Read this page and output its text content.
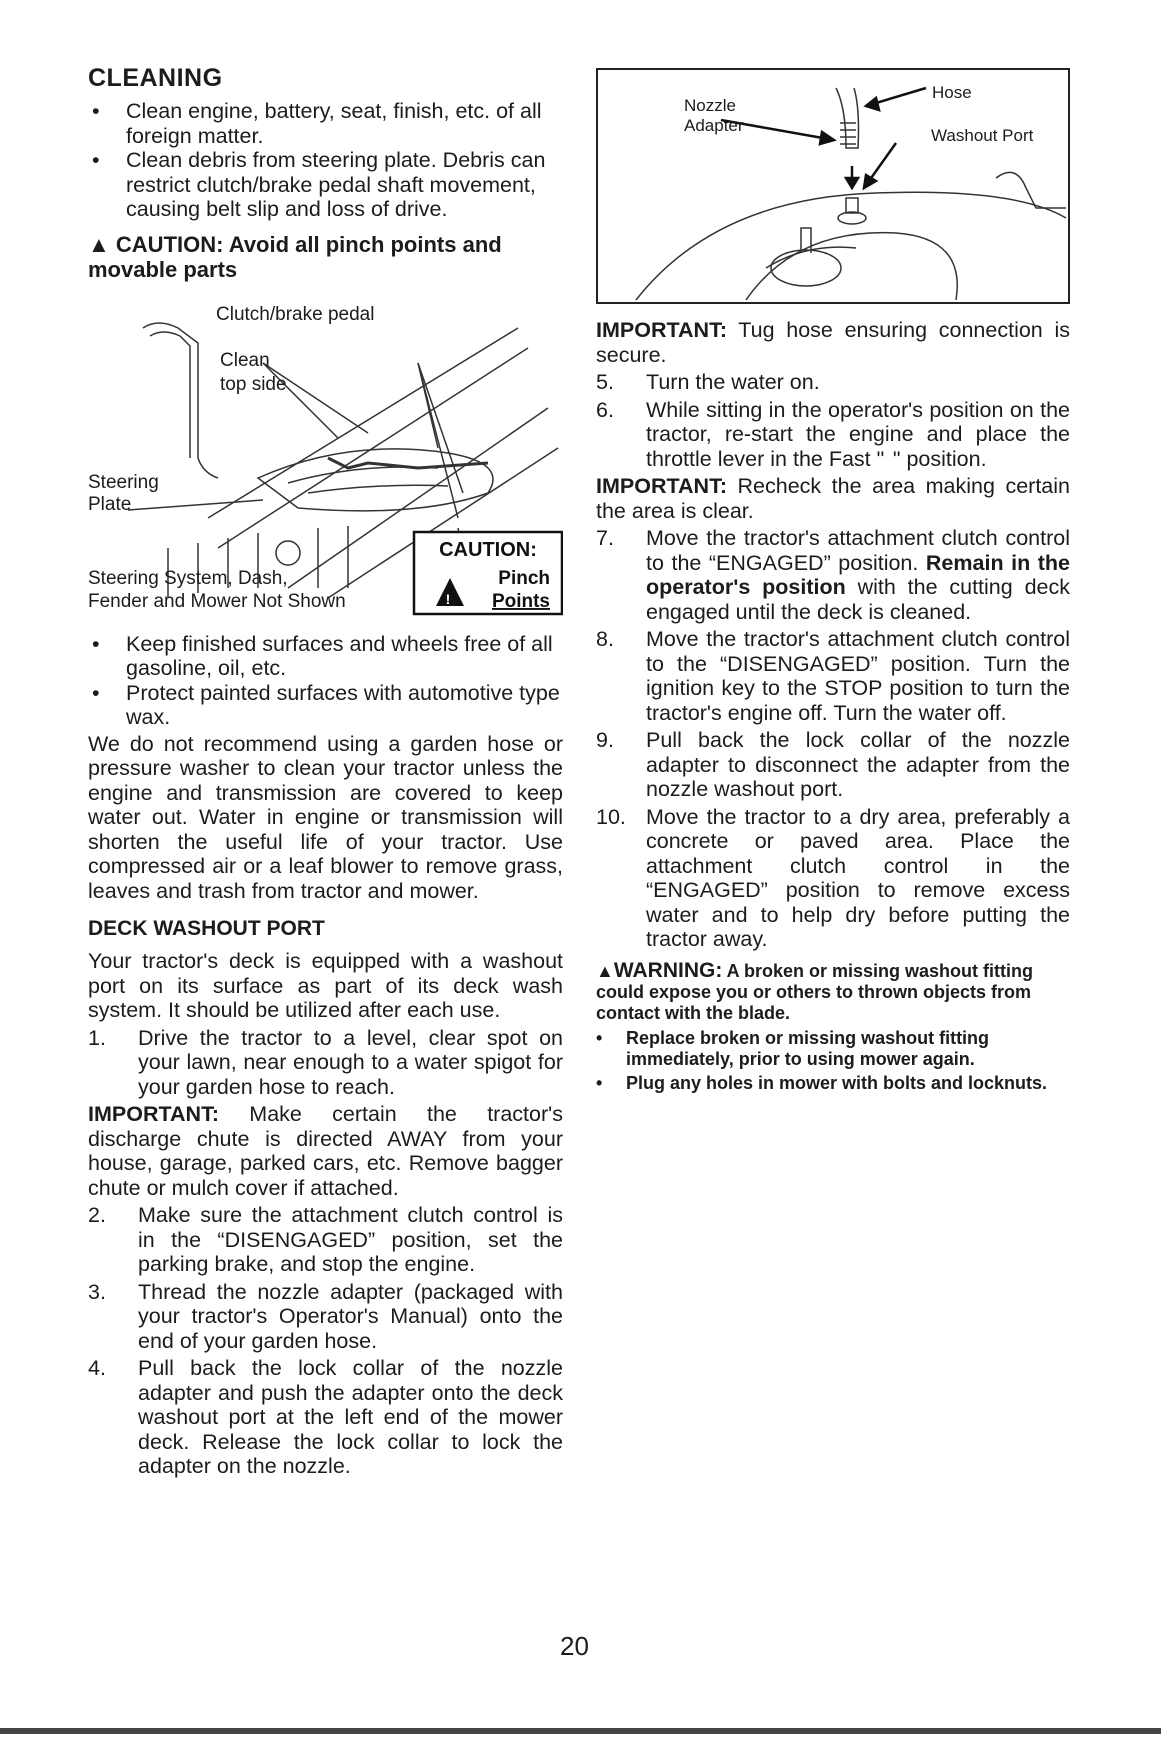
CLEANING
• Clean engine, battery, seat, finish, etc. of all foreign matter.
• Clean debris from steering plate. Debris can restrict clutch/brake pedal shaft movement, causing belt slip and loss of drive.
▲ CAUTION: Avoid all pinch points and movable parts
Clutch/brake pedal
Clean
top side
Steering
Plate
Steering System, Dash,
Fender and Mower Not Shown
CAUTION:
!
Pinch
Points
• Keep finished surfaces and wheels free of all gasoline, oil, etc.
• Protect painted surfaces with automotive type wax.

We do not recommend using a garden hose or pressure washer to clean your tractor unless the engine and transmission are covered to keep water out. Water in engine or transmission will shorten the useful life of your tractor. Use compressed air or a leaf blower to remove grass, leaves and trash from tractor and mower.

DECK WASHOUT PORT

Your tractor's deck is equipped with a washout port on its surface as part of its deck wash system. It should be utilized after each use.

1. Drive the tractor to a level, clear spot on your lawn, near enough to a water spigot for your garden hose to reach.

IMPORTANT: Make certain the tractor's discharge chute is directed AWAY from your house, garage, parked cars, etc. Remove bagger chute or mulch cover if attached.

2. Make sure the attachment clutch control is in the “DISENGAGED” position, set the parking brake, and stop the engine.
3. Thread the nozzle adapter (packaged with your tractor's Operator's Manual) onto the end of your garden hose.
4. Pull back the lock collar of the nozzle adapter and push the adapter onto the deck washout port at the left end of the mower deck. Release the lock collar to lock the adapter on the nozzle.
Nozzle
Adapter
Hose
Washout Port

IMPORTANT: Tug hose ensuring connection is secure.

5. Turn the water on.
6. While sitting in the operator's position on the tractor, re-start the engine and place the throttle lever in the Fast "  " position.

IMPORTANT: Recheck the area making certain the area is clear.

7. Move the tractor's attachment clutch control to the “ENGAGED” position. Remain in the operator's position with the cutting deck engaged until the deck is cleaned.
8. Move the tractor's attachment clutch control to the “DISENGAGED” position. Turn the ignition key to the STOP position to turn the tractor's engine off. Turn the water off.
9. Pull back the lock collar of the nozzle adapter to disconnect the adapter from the nozzle washout port.
10. Move the tractor to a dry area, preferably a concrete or paved area. Place the attachment clutch control in the “ENGAGED” position to remove excess water and to help dry before putting the tractor away.
▲WARNING: A broken or missing washout fitting could expose you or others to thrown objects from contact with the blade.
• Replace broken or missing washout fitting immediately, prior to using mower again.
• Plug any holes in mower with bolts and locknuts.
20
